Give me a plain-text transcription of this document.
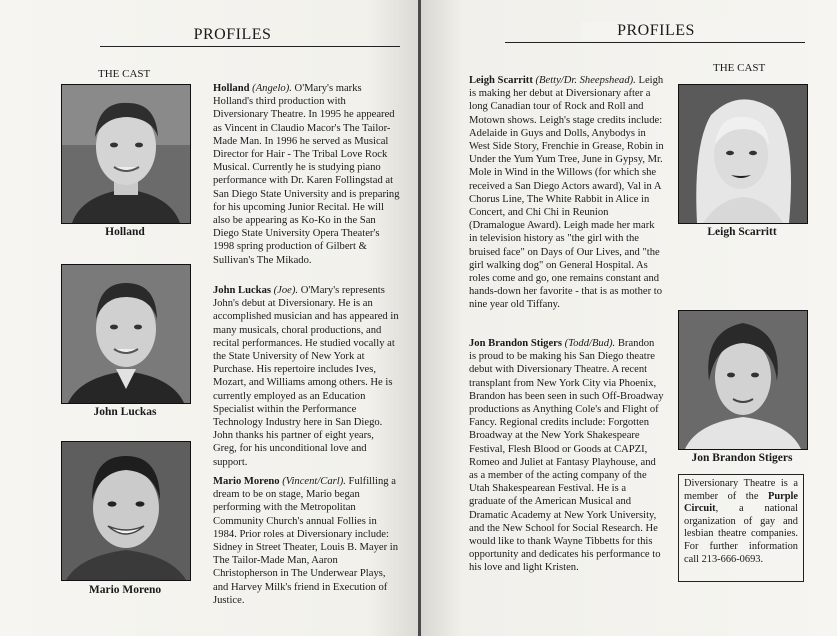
PROFILES
THE CAST
Holland
John Luckas
Mario Moreno
Holland (Angelo). O'Mary's marks Holland's third production with Diversionary Theatre. In 1995 he appeared as Vincent in Claudio Macor's The Tailor-Made Man. In 1996 he served as Musical Director for Hair - The Tribal Love Rock Musical. Currently he is studying piano performance with Dr. Karen Follingstad at San Diego State University and is preparing for his upcoming Junior Recital. He will also be appearing as Ko-Ko in the San Diego State University Opera Theater's 1998 spring production of Gilbert & Sullivan's The Mikado.
John Luckas (Joe). O'Mary's represents John's debut at Diversionary. He is an accomplished musician and has appeared in many musicals, choral productions, and recital performances. He studied vocally at the State University of New York at Purchase. His repertoire includes Ives, Mozart, and Williams among others. He is currently employed as an Education Specialist within the Performance Technology Industry here in San Diego. John thanks his partner of eight years, Greg, for his unconditional love and support.
Mario Moreno (Vincent/Carl). Fulfilling a dream to be on stage, Mario began performing with the Metropolitan Community Church's annual Follies in 1984. Prior roles at Diversionary include: Sidney in Street Theater, Louis B. Mayer in The Tailor-Made Man, Aaron Christopherson in The Underwear Plays, and Harvey Milk's friend in Execution of Justice.
PROFILES
Leigh Scarritt (Betty/Dr. Sheepshead). Leigh is making her debut at Diversionary after a long Canadian tour of Rock and Roll and Motown shows. Leigh's stage credits include: Adelaide in Guys and Dolls, Anybodys in West Side Story, Frenchie in Grease, Robin in Under the Yum Yum Tree, June in Gypsy, Mr. Mole in Wind in the Willows (for which she received a San Diego Actors award), Val in A Chorus Line, The White Rabbit in Alice in Concert, and Chi Chi in Reunion (Dramalogue Award). Leigh made her mark in television history as "the girl with the bruised face" on Days of Our Lives, and "the girl walking dog" on General Hospital. As roles come and go, one remains constant and hands-down her favorite - that is as mother to nine year old Tiffany.
Jon Brandon Stigers (Todd/Bud). Brandon is proud to be making his San Diego theatre debut with Diversionary Theatre. A recent transplant from New York City via Phoenix, Brandon has been seen in such Off-Broadway productions as Anything Cole's and Flight of Fancy. Regional credits include: Forgotten Broadway at the New York Shakespeare Festival, Flesh Blood or Goods at CAPZI, Romeo and Juliet at Fantasy Playhouse, and as a member of the acting company of the Utah Shakespearean Festival. He is a graduate of the American Musical and Dramatic Academy at New York University, and the New School for Social Research. He would like to thank Wayne Tibbetts for this opportunity and dedicates his performance to his love and light Kristen.
THE CAST
Leigh Scarritt
Jon Brandon Stigers
Diversionary Theatre is a member of the Purple Circuit, a national organization of gay and lesbian theatre companies. For further information call 213-666-0693.
